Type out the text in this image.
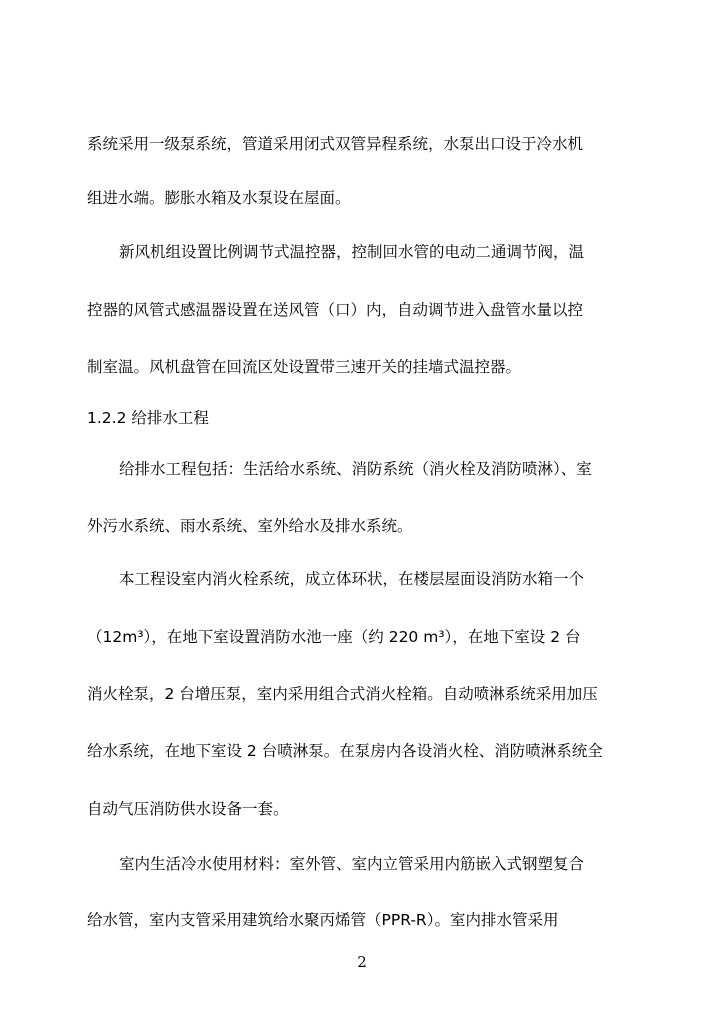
系统采用一级泵系统，管道采用闭式双管异程系统，水泵出口设于冷水机
组进水端。膨胀水箱及水泵设在屋面。
新风机组设置比例调节式温控器，控制回水管的电动二通调节阀，温
控器的风管式感温器设置在送风管（口）内，自动调节进入盘管水量以控
制室温。风机盘管在回流区处设置带三速开关的挂墙式温控器。
1.2.2 给排水工程
给排水工程包括：生活给水系统、消防系统（消火栓及消防喷淋）、室
外污水系统、雨水系统、室外给水及排水系统。
本工程设室内消火栓系统，成立体环状，在楼层屋面设消防水箱一个
（12m³），在地下室设置消防水池一座（约 220 m³），在地下室设 2 台
消火栓泵，2 台增压泵，室内采用组合式消火栓箱。自动喷淋系统采用加压
给水系统，在地下室设 2 台喷淋泵。在泵房内各设消火栓、消防喷淋系统全
自动气压消防供水设备一套。
室内生活冷水使用材料：室外管、室内立管采用内筋嵌入式钢塑复合
给水管，室内支管采用建筑给水聚丙烯管（PPR-R）。室内排水管采用
2
